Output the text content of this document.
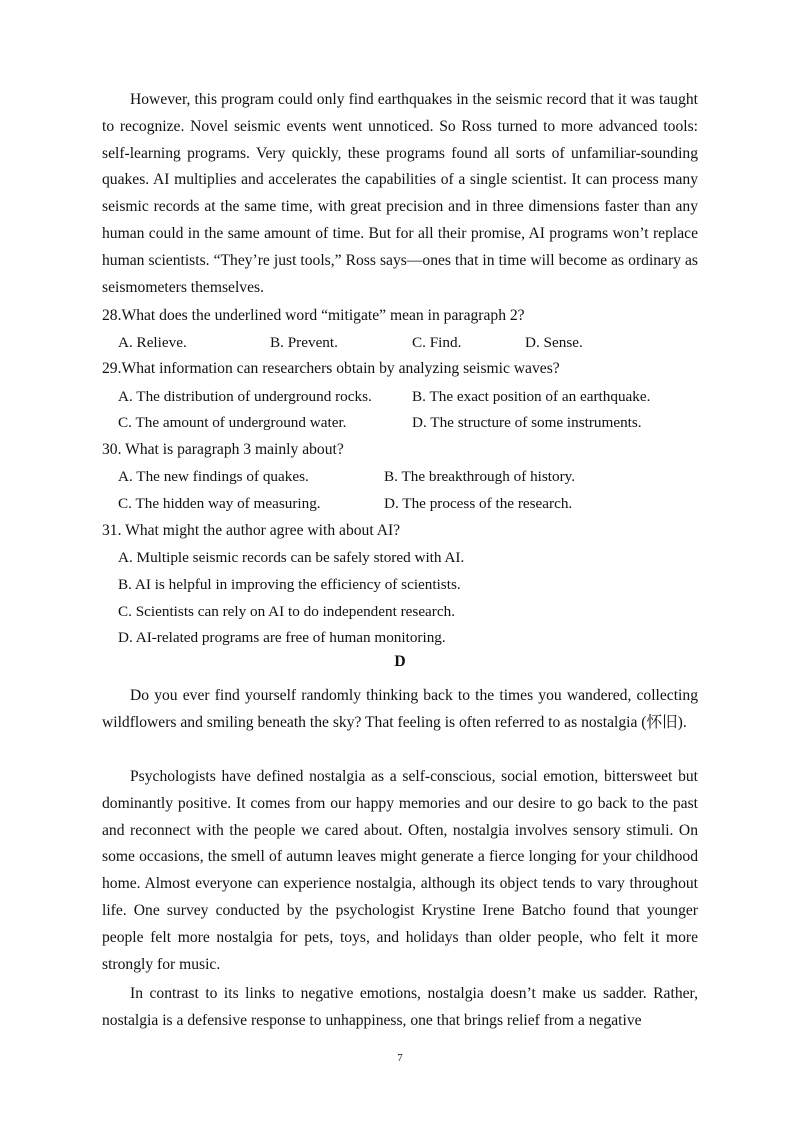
However, this program could only find earthquakes in the seismic record that it was taught to recognize. Novel seismic events went unnoticed. So Ross turned to more advanced tools: self-learning programs. Very quickly, these programs found all sorts of unfamiliar-sounding quakes. AI multiplies and accelerates the capabilities of a single scientist. It can process many seismic records at the same time, with great precision and in three dimensions faster than any human could in the same amount of time. But for all their promise, AI programs won’t replace human scientists. “They’re just tools,” Ross says—ones that in time will become as ordinary as seismometers themselves.

28.What does the underlined word “mitigate” mean in paragraph 2?
A. Relieve.	B. Prevent.	C. Find.	D. Sense.
29.What information can researchers obtain by analyzing seismic waves?
A. The distribution of underground rocks.	B. The exact position of an earthquake.
C. The amount of underground water.	D. The structure of some instruments.
30. What is paragraph 3 mainly about?
A. The new findings of quakes.	B. The breakthrough of history.
C. The hidden way of measuring.	D. The process of the research.
31. What might the author agree with about AI?
A. Multiple seismic records can be safely stored with AI.
B. AI is helpful in improving the efficiency of scientists.
C. Scientists can rely on AI to do independent research.
D. AI-related programs are free of human monitoring.
D

Do you ever find yourself randomly thinking back to the times you wandered, collecting wildflowers and smiling beneath the sky? That feeling is often referred to as nostalgia (怀旧).

Psychologists have defined nostalgia as a self-conscious, social emotion, bittersweet but dominantly positive. It comes from our happy memories and our desire to go back to the past and reconnect with the people we cared about. Often, nostalgia involves sensory stimuli. On some occasions, the smell of autumn leaves might generate a fierce longing for your childhood home. Almost everyone can experience nostalgia, although its object tends to vary throughout life. One survey conducted by the psychologist Krystine Irene Batcho found that younger people felt more nostalgia for pets, toys, and holidays than older people, who felt it more strongly for music.

In contrast to its links to negative emotions, nostalgia doesn’t make us sadder. Rather, nostalgia is a defensive response to unhappiness, one that brings relief from a negative

7
